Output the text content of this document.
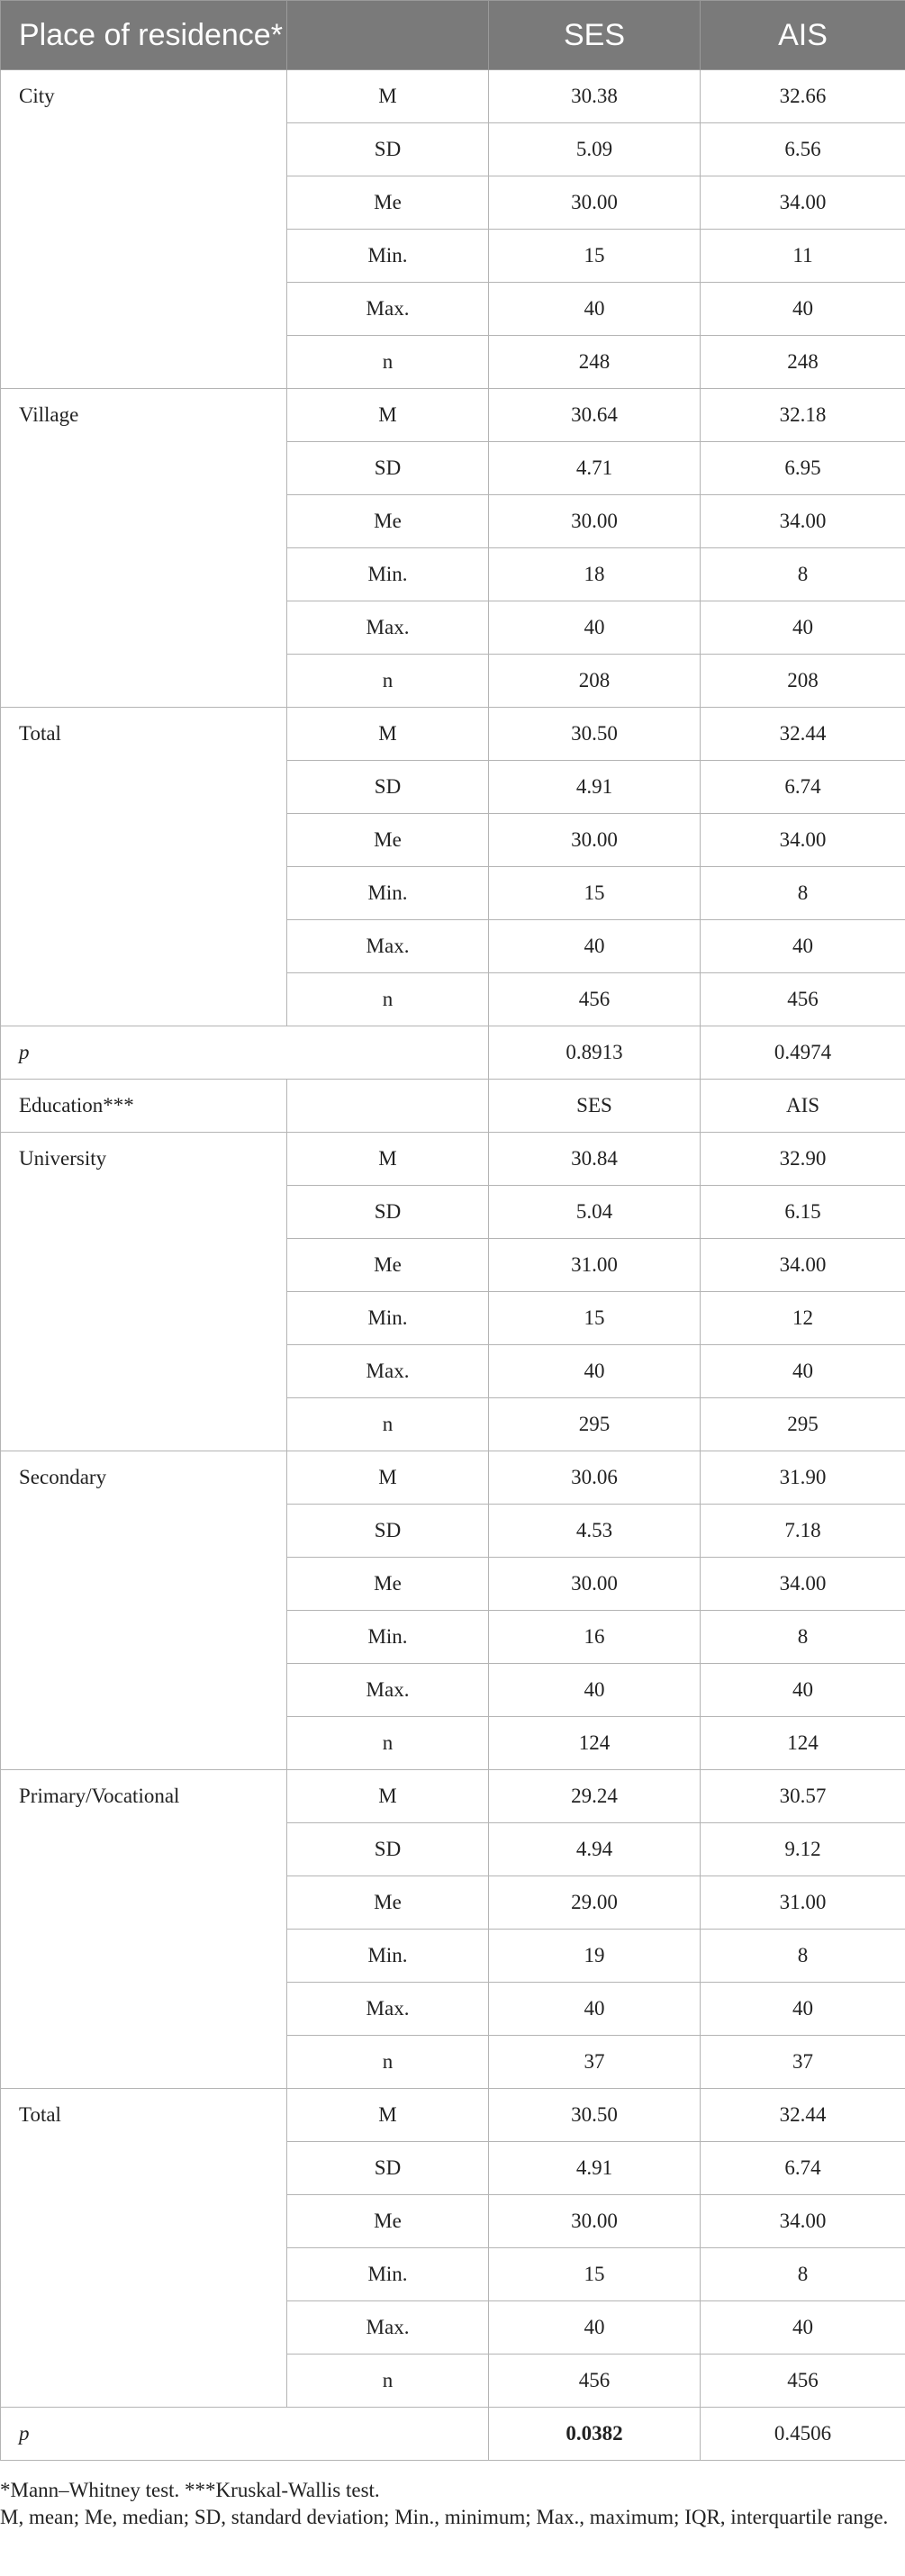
Place of residence*		SES	AIS
City	M	30.38	32.66
	SD	5.09	6.56
	Me	30.00	34.00
	Min.	15	11
	Max.	40	40
	n	248	248
Village	M	30.64	32.18
	SD	4.71	6.95
	Me	30.00	34.00
	Min.	18	8
	Max.	40	40
	n	208	208
Total	M	30.50	32.44
	SD	4.91	6.74
	Me	30.00	34.00
	Min.	15	8
	Max.	40	40
	n	456	456
p		0.8913	0.4974
Education***		SES	AIS
University	M	30.84	32.90
	SD	5.04	6.15
	Me	31.00	34.00
	Min.	15	12
	Max.	40	40
	n	295	295
Secondary	M	30.06	31.90
	SD	4.53	7.18
	Me	30.00	34.00
	Min.	16	8
	Max.	40	40
	n	124	124
Primary/Vocational	M	29.24	30.57
	SD	4.94	9.12
	Me	29.00	31.00
	Min.	19	8
	Max.	40	40
	n	37	37
Total	M	30.50	32.44
	SD	4.91	6.74
	Me	30.00	34.00
	Min.	15	8
	Max.	40	40
	n	456	456
p		0.0382	0.4506

*Mann–Whitney test. ***Kruskal-Wallis test.

M, mean; Me, median; SD, standard deviation; Min., minimum; Max., maximum; IQR, interquartile range.
